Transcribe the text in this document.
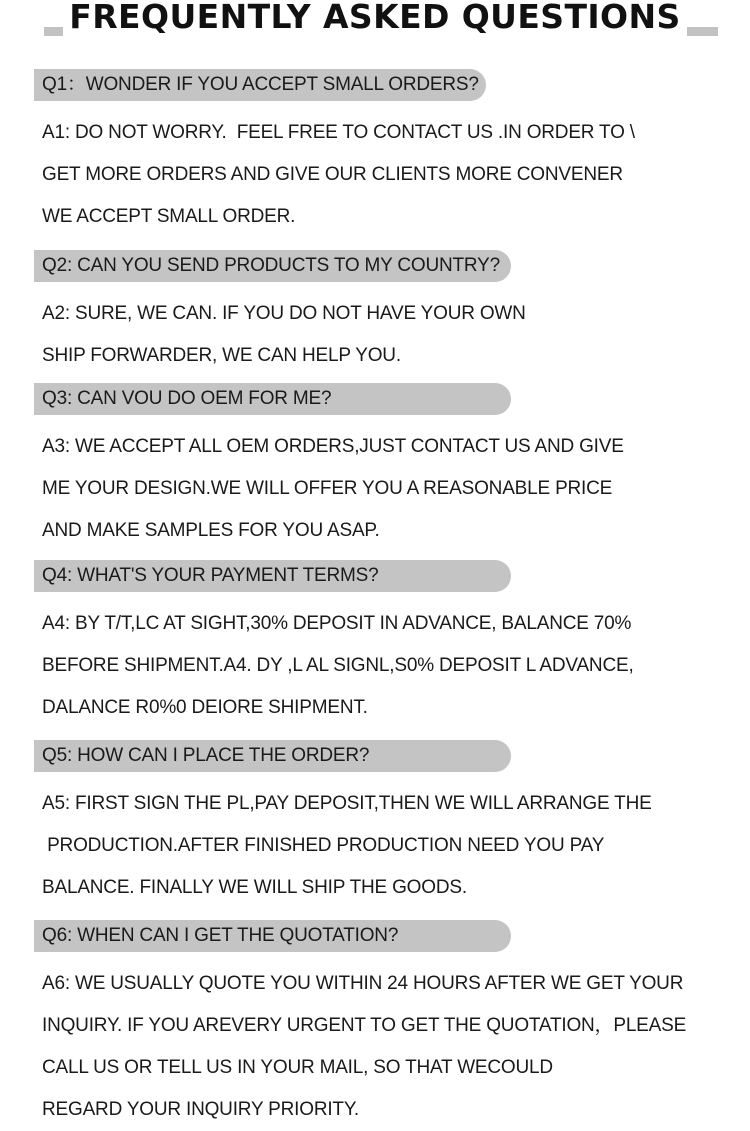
FREQUENTLY ASKED QUESTIONS
Q1：WONDER IF YOU ACCEPT SMALL ORDERS?
A1: DO NOT WORRY.  FEEL FREE TO CONTACT US .IN ORDER TO \
GET MORE ORDERS AND GIVE OUR CLIENTS MORE CONVENER
WE ACCEPT SMALL ORDER.
Q2: CAN YOU SEND PRODUCTS TO MY COUNTRY?
A2: SURE, WE CAN. IF YOU DO NOT HAVE YOUR OWN
SHIP FORWARDER, WE CAN HELP YOU.
Q3: CAN VOU DO OEM FOR ME?
A3: WE ACCEPT ALL OEM ORDERS,JUST CONTACT US AND GIVE
ME YOUR DESIGN.WE WILL OFFER YOU A REASONABLE PRICE
AND MAKE SAMPLES FOR YOU ASAP.
Q4: WHAT'S YOUR PAYMENT TERMS?
A4: BY T/T,LC AT SIGHT,30% DEPOSIT IN ADVANCE, BALANCE 70%
BEFORE SHIPMENT.A4. DY ,L AL SIGNL,S0% DEPOSIT L ADVANCE,
DALANCE R0%0 DEIORE SHIPMENT.
Q5: HOW CAN I PLACE THE ORDER?
A5: FIRST SIGN THE PL,PAY DEPOSIT,THEN WE WILL ARRANGE THE
PRODUCTION.AFTER FINISHED PRODUCTION NEED YOU PAY
BALANCE. FINALLY WE WILL SHIP THE GOODS.
Q6: WHEN CAN I GET THE QUOTATION?
A6: WE USUALLY QUOTE YOU WITHIN 24 HOURS AFTER WE GET YOUR
INQUIRY. IF YOU AREVERY URGENT TO GET THE QUOTATION，PLEASE
CALL US OR TELL US IN YOUR MAIL, SO THAT WECOULD
REGARD YOUR INQUIRY PRIORITY.
